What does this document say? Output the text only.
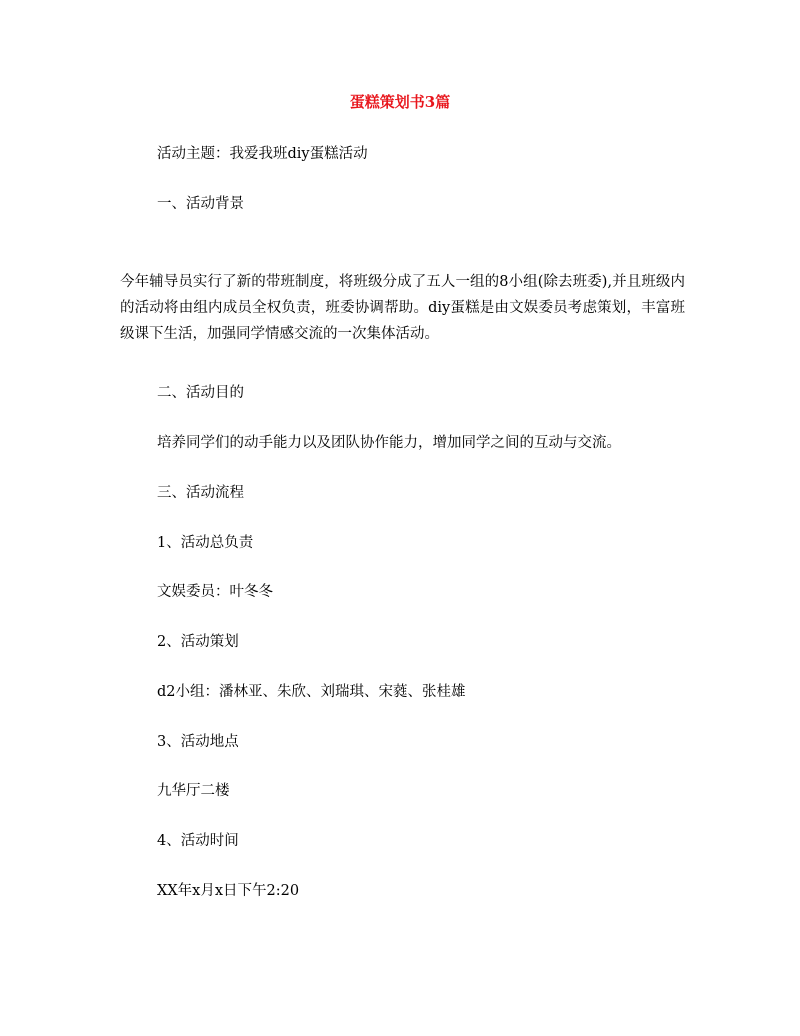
蛋糕策划书3篇
活动主题：我爱我班diy蛋糕活动
一、活动背景
今年辅导员实行了新的带班制度，将班级分成了五人一组的8小组(除去班委),并且班级内的活动将由组内成员全权负责，班委协调帮助。diy蛋糕是由文娱委员考虑策划，丰富班级课下生活，加强同学情感交流的一次集体活动。
二、活动目的
培养同学们的动手能力以及团队协作能力，增加同学之间的互动与交流。
三、活动流程
1、活动总负责
文娱委员：叶冬冬
2、活动策划
d2小组：潘林亚、朱欣、刘瑞琪、宋蕤、张桂雄
3、活动地点
九华厅二楼
4、活动时间
XX年x月x日下午2:20
